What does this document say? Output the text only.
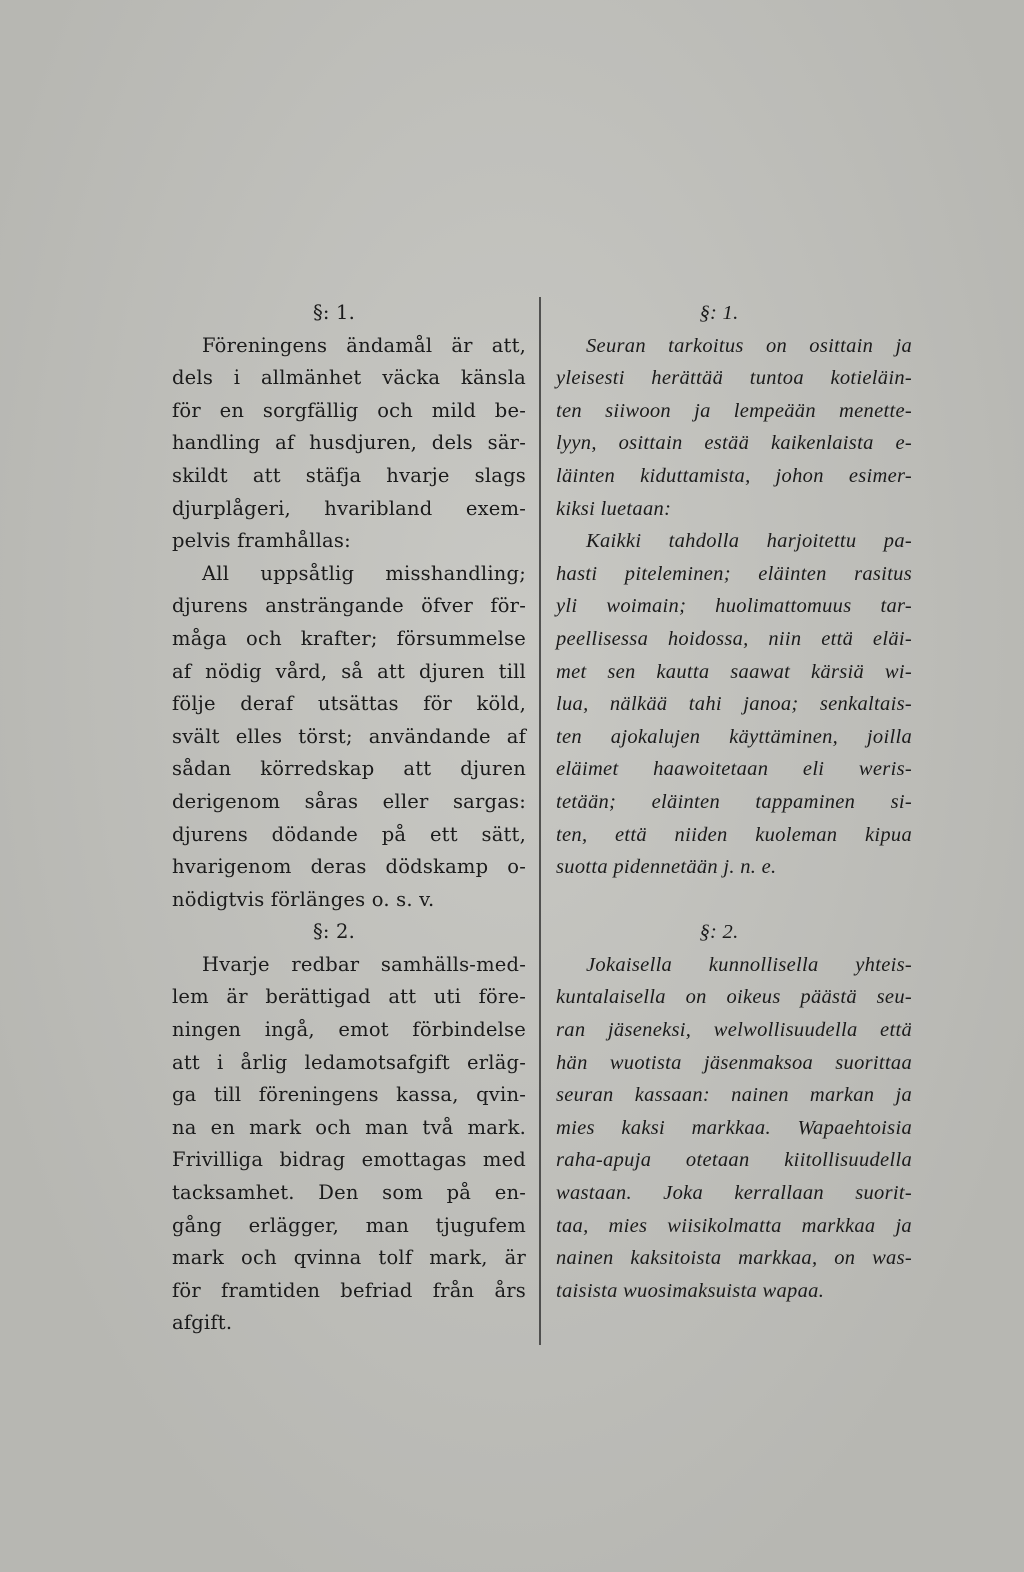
§: 1.
Föreningens ändamål är att,
dels i allmänhet väcka känsla
för en sorgfällig och mild be-
handling af husdjuren, dels sär-
skildt att stäfja hvarje slags
djurplågeri, hvaribland exem-
pelvis framhållas:
All uppsåtlig misshandling;
djurens ansträngande öfver för-
måga och krafter; försummelse
af nödig vård, så att djuren till
följe deraf utsättas för köld,
svält elles törst; användande af
sådan körredskap att djuren
derigenom såras eller sargas:
djurens dödande på ett sätt,
hvarigenom deras dödskamp o-
nödigtvis förlänges o. s. v.
§: 2.
Hvarje redbar samhälls-med-
lem är berättigad att uti före-
ningen ingå, emot förbindelse
att i årlig ledamotsafgift erläg-
ga till föreningens kassa, qvin-
na en mark och man två mark.
Frivilliga bidrag emottagas med
tacksamhet. Den som på en-
gång erlägger, man tjugufem
mark och qvinna tolf mark, är
för framtiden befriad från års
afgift.
§: 1.
Seuran tarkoitus on osittain ja
yleisesti herättää tuntoa kotieläin-
ten siiwoon ja lempeään menette-
lyyn, osittain estää kaikenlaista e-
läinten kiduttamista, johon esimer-
kiksi luetaan:
Kaikki tahdolla harjoitettu pa-
hasti piteleminen; eläinten rasitus
yli woimain; huolimattomuus tar-
peellisessa hoidossa, niin että eläi-
met sen kautta saawat kärsiä wi-
lua, nälkää tahi janoa; senkaltais-
ten ajokalujen käyttäminen, joilla
eläimet haawoitetaan eli weris-
tetään; eläinten tappaminen si-
ten, että niiden kuoleman kipua
suotta pidennetään j. n. e.
§: 2.
Jokaisella kunnollisella yhteis-
kuntalaisella on oikeus päästä seu-
ran jäseneksi, welwollisuudella että
hän wuotista jäsenmaksoa suorittaa
seuran kassaan: nainen markan ja
mies kaksi markkaa. Wapaehtoisia
raha-apuja otetaan kiitollisuudella
wastaan. Joka kerrallaan suorit-
taa, mies wiisikolmatta markkaa ja
nainen kaksitoista markkaa, on was-
taisista wuosimaksuista wapaa.
